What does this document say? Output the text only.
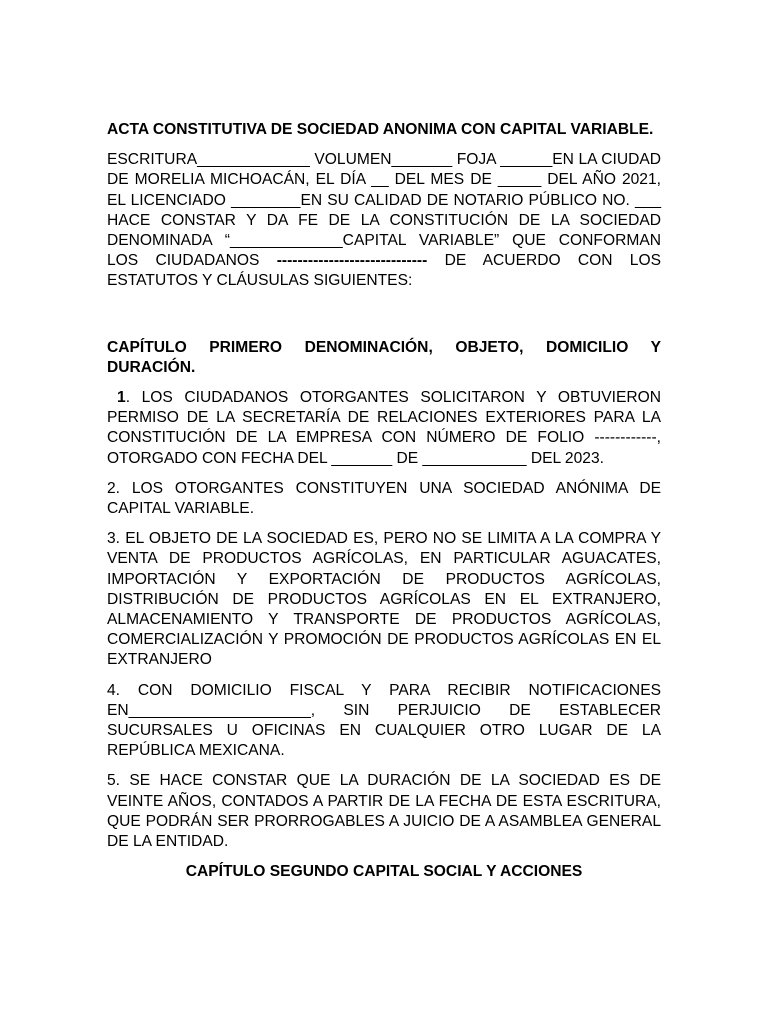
ACTA CONSTITUTIVA DE SOCIEDAD ANONIMA CON CAPITAL VARIABLE.

ESCRITURA_____________ VOLUMEN_______ FOJA ______EN LA CIUDAD DE MORELIA MICHOACÁN, EL DÍA __ DEL MES DE _____ DEL AÑO 2021, EL LICENCIADO ________EN SU CALIDAD DE NOTARIO PÚBLICO NO. ___ HACE CONSTAR Y DA FE DE LA CONSTITUCIÓN DE LA SOCIEDAD DENOMINADA “_____________CAPITAL VARIABLE” QUE CONFORMAN LOS CIUDADANOS ----------------------------- DE ACUERDO CON LOS ESTATUTOS Y CLÁUSULAS SIGUIENTES:

CAPÍTULO PRIMERO DENOMINACIÓN, OBJETO, DOMICILIO Y DURACIÓN.

1. LOS CIUDADANOS OTORGANTES SOLICITARON Y OBTUVIERON PERMISO DE LA SECRETARÍA DE RELACIONES EXTERIORES PARA LA CONSTITUCIÓN DE LA EMPRESA CON NÚMERO DE FOLIO ------------, OTORGADO CON FECHA DEL _______ DE ____________ DEL 2023.

2. LOS OTORGANTES CONSTITUYEN UNA SOCIEDAD ANÓNIMA DE CAPITAL VARIABLE.

3. EL OBJETO DE LA SOCIEDAD ES, PERO NO SE LIMITA A LA COMPRA Y VENTA DE PRODUCTOS AGRÍCOLAS, EN PARTICULAR AGUACATES, IMPORTACIÓN Y EXPORTACIÓN DE PRODUCTOS AGRÍCOLAS, DISTRIBUCIÓN DE PRODUCTOS AGRÍCOLAS EN EL EXTRANJERO, ALMACENAMIENTO Y TRANSPORTE DE PRODUCTOS AGRÍCOLAS, COMERCIALIZACIÓN Y PROMOCIÓN DE PRODUCTOS AGRÍCOLAS EN EL EXTRANJERO

4. CON DOMICILIO FISCAL Y PARA RECIBIR NOTIFICACIONES EN_____________________, SIN PERJUICIO DE ESTABLECER SUCURSALES U OFICINAS EN CUALQUIER OTRO LUGAR DE LA REPÚBLICA MEXICANA.

5. SE HACE CONSTAR QUE LA DURACIÓN DE LA SOCIEDAD ES DE VEINTE AÑOS, CONTADOS A PARTIR DE LA FECHA DE ESTA ESCRITURA, QUE PODRÁN SER PRORROGABLES A JUICIO DE A ASAMBLEA GENERAL DE LA ENTIDAD.

CAPÍTULO SEGUNDO CAPITAL SOCIAL Y ACCIONES
